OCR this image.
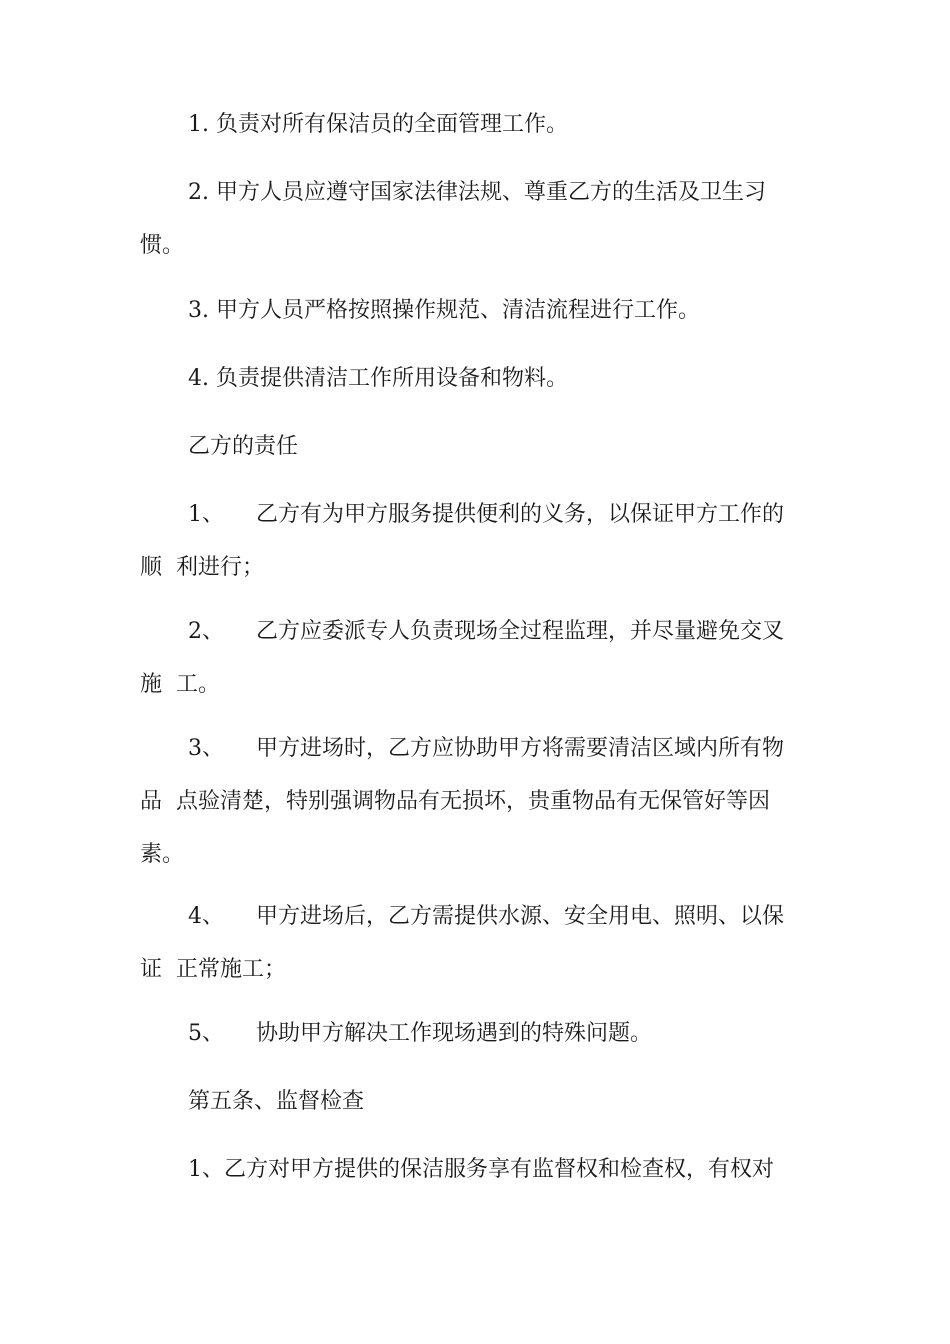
1. 负责对所有保洁员的全面管理工作。

2. 甲方人员应遵守国家法律法规、尊重乙方的生活及卫生习
惯。

3. 甲方人员严格按照操作规范、清洁流程进行工作。

4. 负责提供清洁工作所用设备和物料。

乙方的责任

1、 乙方有为甲方服务提供便利的义务，以保证甲方工作的
顺  利进行；

2、 乙方应委派专人负责现场全过程监理，并尽量避免交叉
施  工。

3、 甲方进场时，乙方应协助甲方将需要清洁区域内所有物
品  点验清楚，特别强调物品有无损坏，贵重物品有无保管好等因
素。

4、 甲方进场后，乙方需提供水源、安全用电、照明、以保
证  正常施工；

5、 协助甲方解决工作现场遇到的特殊问题。

第五条、监督检查

1、乙方对甲方提供的保洁服务享有监督权和检查权，有权对
